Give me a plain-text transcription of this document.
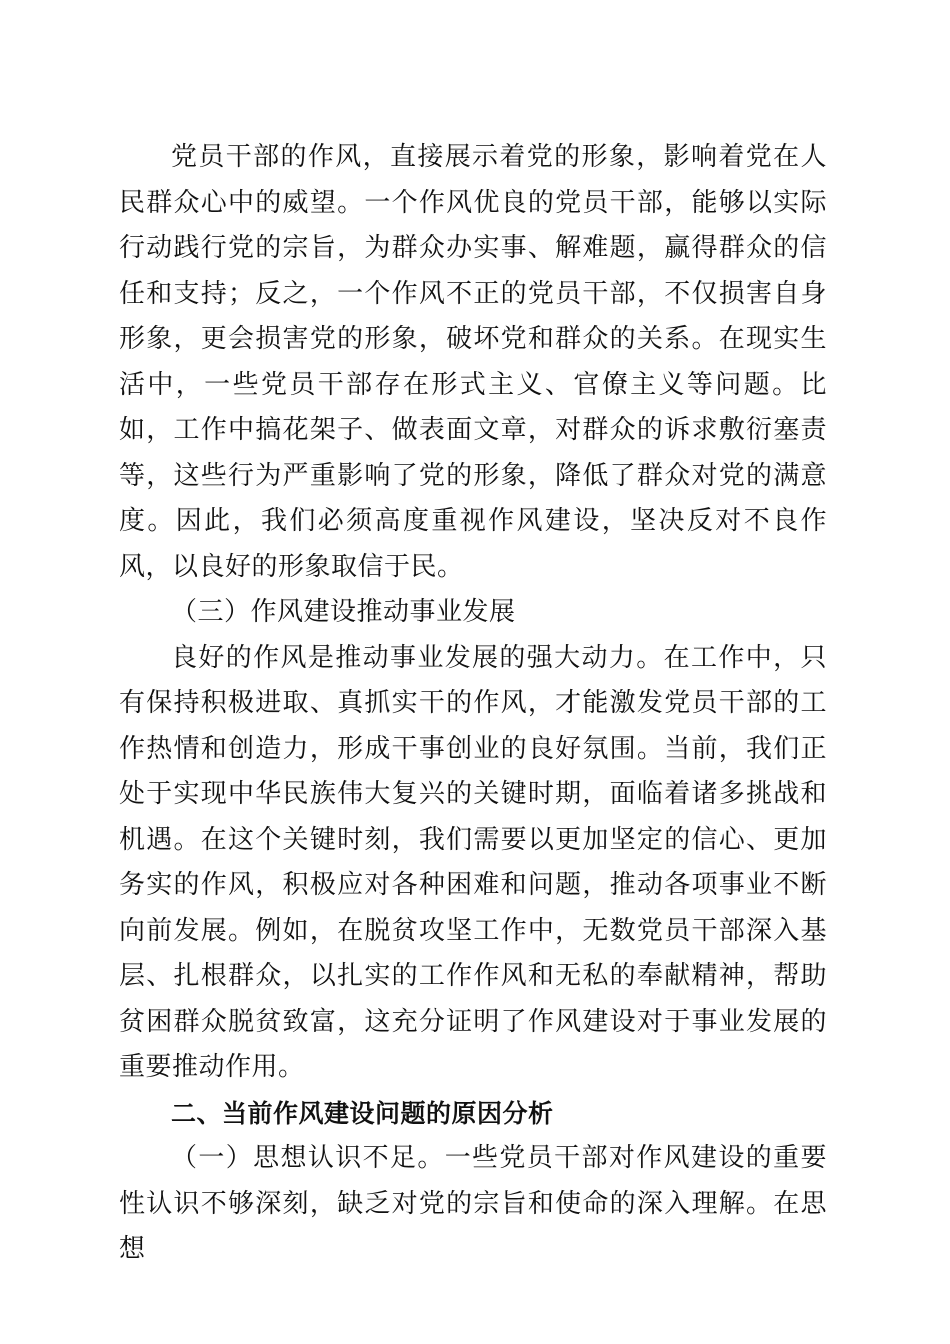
党员干部的作风，直接展示着党的形象，影响着党在人民群众心中的威望。一个作风优良的党员干部，能够以实际行动践行党的宗旨，为群众办实事、解难题，赢得群众的信任和支持；反之，一个作风不正的党员干部，不仅损害自身形象，更会损害党的形象，破坏党和群众的关系。在现实生活中，一些党员干部存在形式主义、官僚主义等问题。比如，工作中搞花架子、做表面文章，对群众的诉求敷衍塞责等，这些行为严重影响了党的形象，降低了群众对党的满意度。因此，我们必须高度重视作风建设，坚决反对不良作风，以良好的形象取信于民。

（三）作风建设推动事业发展

良好的作风是推动事业发展的强大动力。在工作中，只有保持积极进取、真抓实干的作风，才能激发党员干部的工作热情和创造力，形成干事创业的良好氛围。当前，我们正处于实现中华民族伟大复兴的关键时期，面临着诸多挑战和机遇。在这个关键时刻，我们需要以更加坚定的信心、更加务实的作风，积极应对各种困难和问题，推动各项事业不断向前发展。例如，在脱贫攻坚工作中，无数党员干部深入基层、扎根群众，以扎实的工作作风和无私的奉献精神，帮助贫困群众脱贫致富，这充分证明了作风建设对于事业发展的重要推动作用。

二、当前作风建设问题的原因分析

（一）思想认识不足。一些党员干部对作风建设的重要性认识不够深刻，缺乏对党的宗旨和使命的深入理解。在思想
